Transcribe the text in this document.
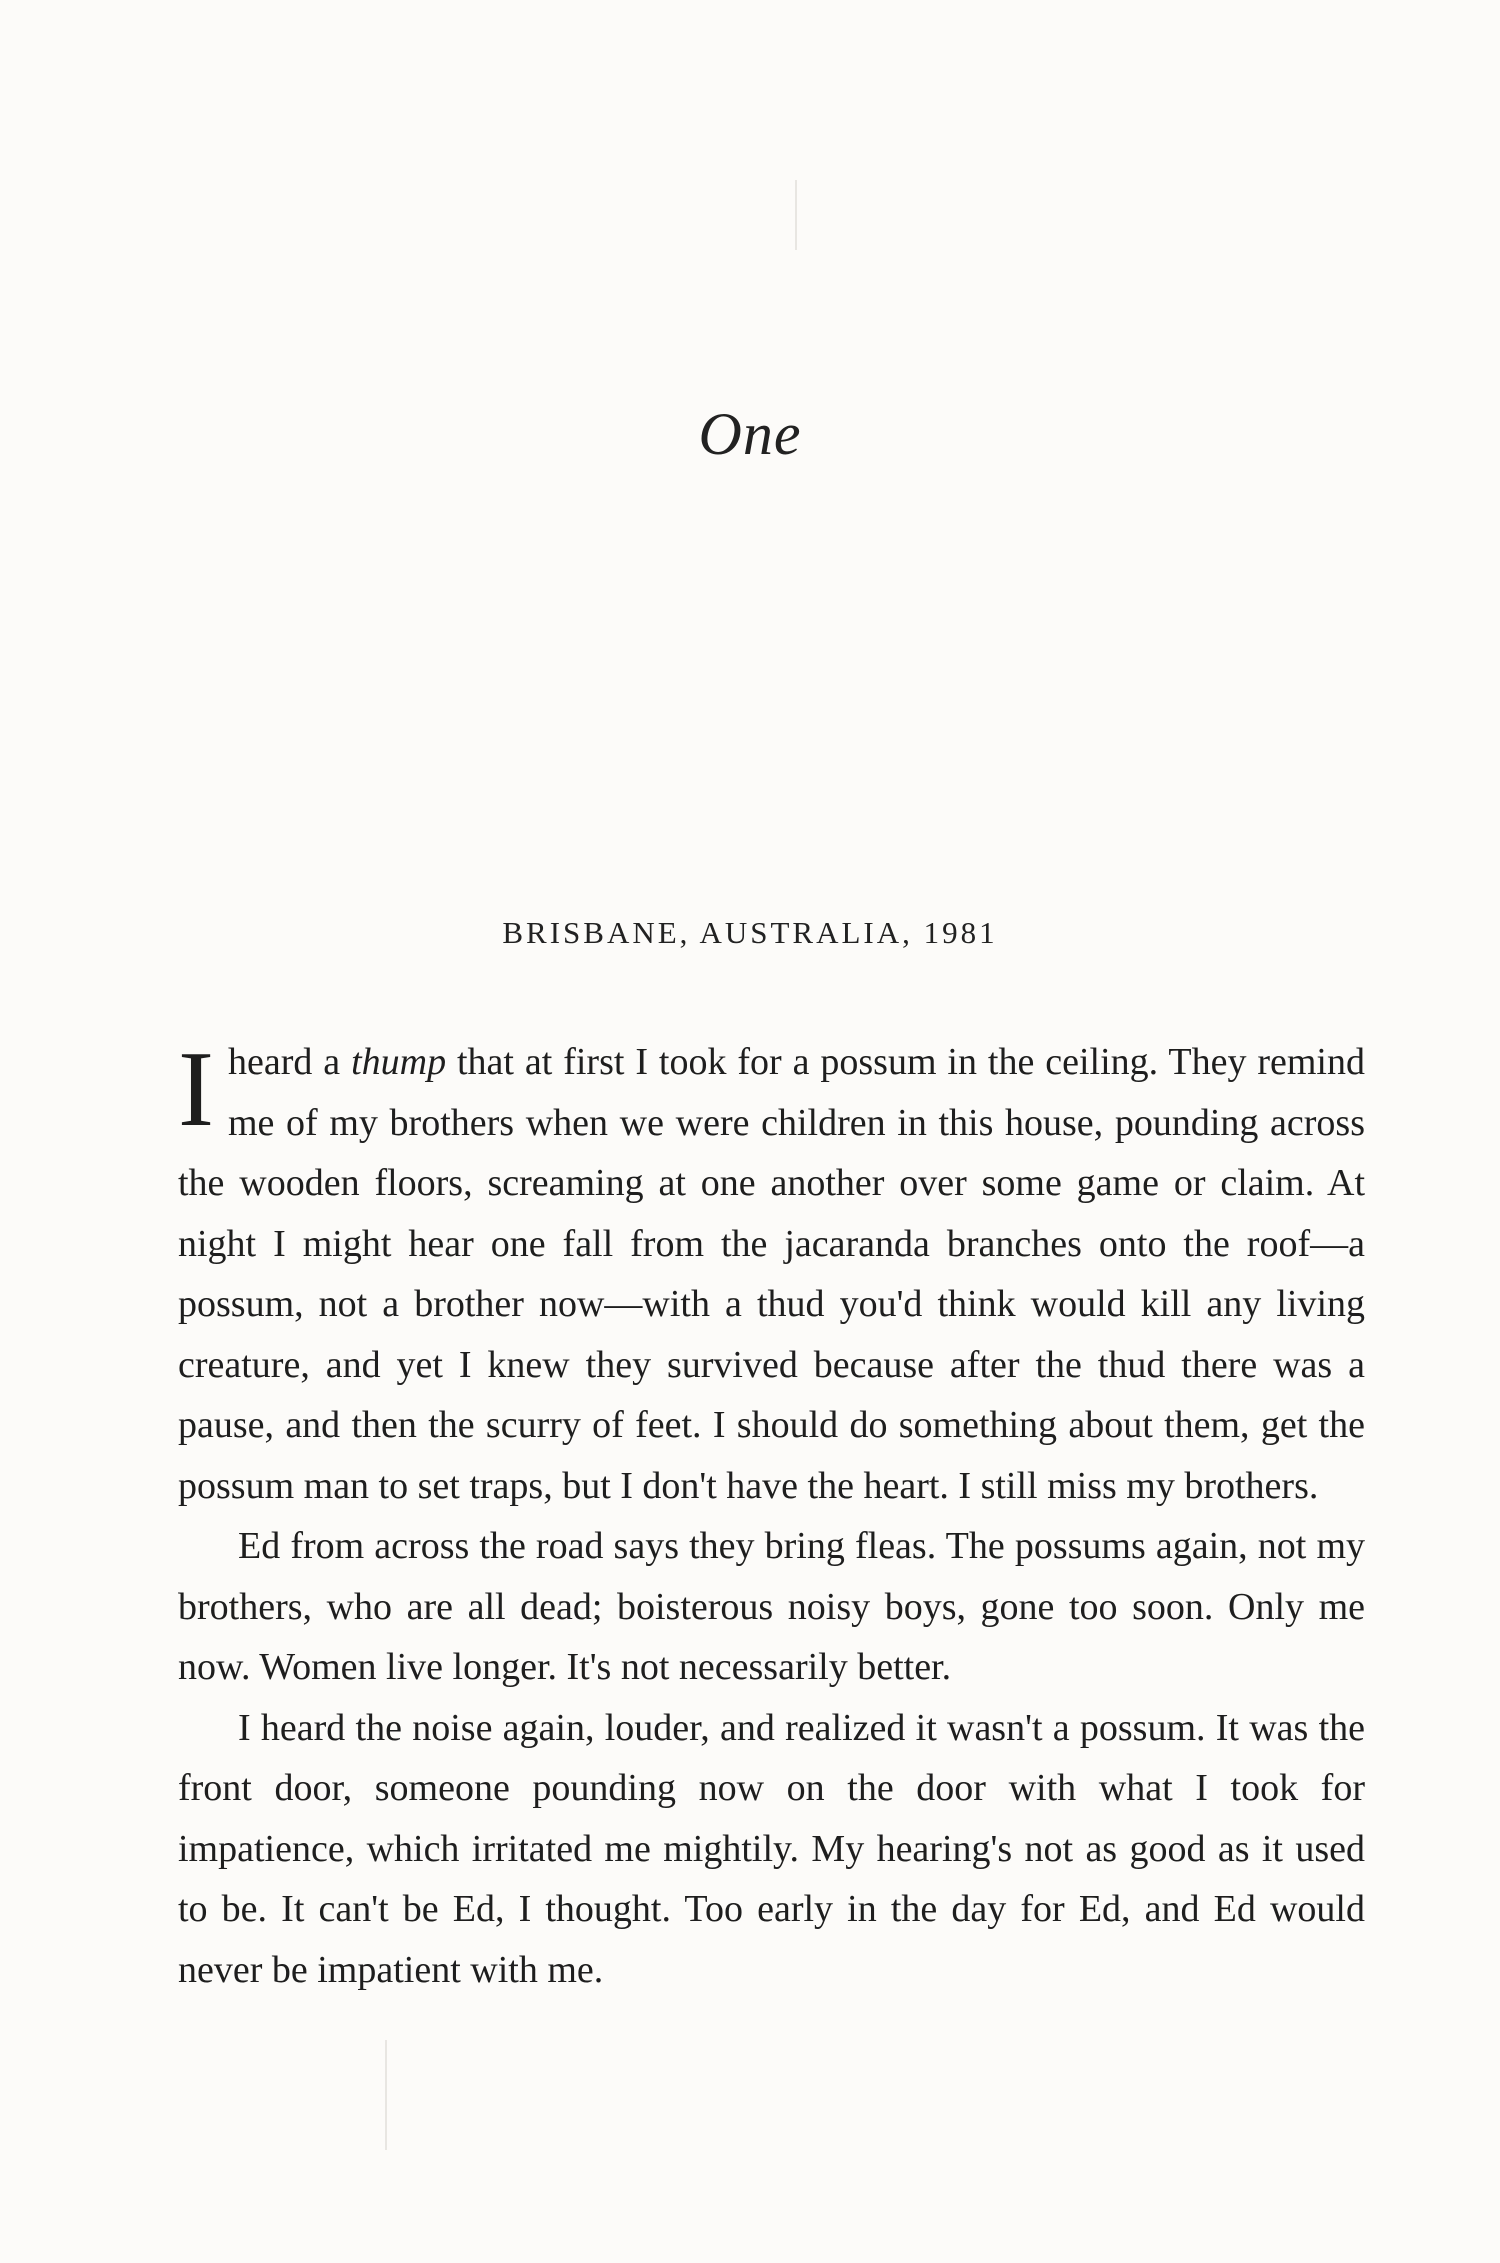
One
BRISBANE, AUSTRALIA, 1981

Iheard a thump that at first I took for a possum in the ceiling. They remind me of my brothers when we were children in this house, pounding across the wooden floors, screaming at one another over some game or claim. At night I might hear one fall from the jacaranda branches onto the roof—a possum, not a brother now—with a thud you'd think would kill any living creature, and yet I knew they survived because after the thud there was a pause, and then the scurry of feet. I should do something about them, get the possum man to set traps, but I don't have the heart. I still miss my brothers.

Ed from across the road says they bring fleas. The possums again, not my brothers, who are all dead; boisterous noisy boys, gone too soon. Only me now. Women live longer. It's not necessarily better.

I heard the noise again, louder, and realized it wasn't a possum. It was the front door, someone pounding now on the door with what I took for impatience, which irritated me mightily. My hearing's not as good as it used to be. It can't be Ed, I thought. Too early in the day for Ed, and Ed would never be impatient with me.
